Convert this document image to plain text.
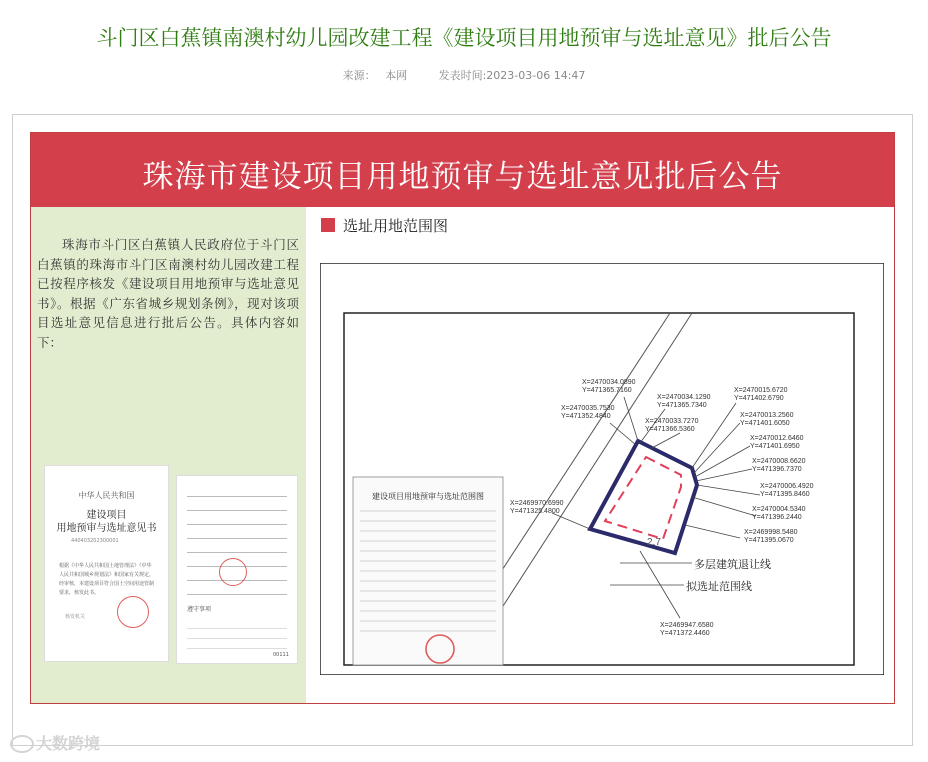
斗门区白蕉镇南澳村幼儿园改建工程《建设项目用地预审与选址意见》批后公告
来源： 本网	发表时间:2023-03-06 14:47
珠海市建设项目用地预审与选址意见批后公告
珠海市斗门区白蕉镇人民政府位于斗门区白蕉镇的珠海市斗门区南澳村幼儿园改建工程已按程序核发《建设项目用地预审与选址意见书》。根据《广东省城乡规划条例》，现对该项目选址意见信息进行批后公告。具体内容如下：
中华人民共和国
建设项目
用地预审与选址意见书
440403202300001
根据《中华人民共和国土地管理法》《中华人民共和国城乡规划法》和国家有关规定，经审核，本建设项目符合国土空间用途管制要求，核发此书。
核发机关
遵守事项
00111
选址用地范围图
2.7
X=2470034.0890
Y=471365.7160
X=2470034.1290
Y=471365.7340
X=2470035.7530
Y=471352.4840
X=2470033.7270
Y=471366.5360
X=2470015.6720
Y=471402.6790
X=2470013.2560
Y=471401.6050
X=2470012.6460
Y=471401.6950
X=2470008.6620
Y=471396.7370
X=2470006.4920
Y=471395.8460
X=2470004.5340
Y=471396.2440
X=2469998.5480
Y=471395.0670
X=2469970.6990
Y=471325.4800
X=2469947.6580
Y=471372.4460
多层建筑退让线
拟选址范围线
建设项目用地预审与选址范围图
大数跨境
